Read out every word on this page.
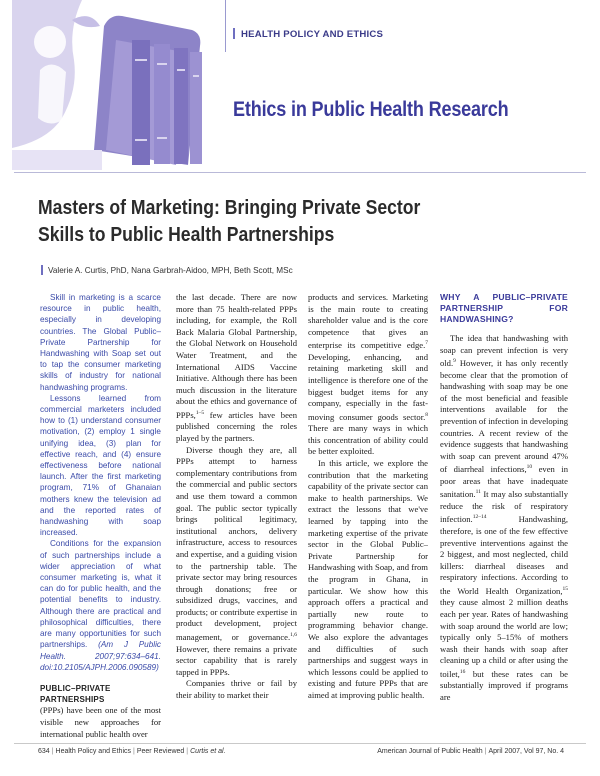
HEALTH POLICY AND ETHICS
Ethics in Public Health Research
Masters of Marketing: Bringing Private Sector Skills to Public Health Partnerships
Valerie A. Curtis, PhD, Nana Garbrah-Aidoo, MPH, Beth Scott, MSc

Skill in marketing is a scarce resource in public health, especially in developing countries. The Global Public–Private Partnership for Handwashing with Soap set out to tap the consumer marketing skills of industry for national handwashing programs.

Lessons learned from commercial marketers included how to (1) understand consumer motivation, (2) employ 1 single unifying idea, (3) plan for effective reach, and (4) ensure effectiveness before national launch. After the first marketing program, 71% of Ghanaian mothers knew the television ad and the reported rates of handwashing with soap increased.

Conditions for the expansion of such partnerships include a wider appreciation of what consumer marketing is, what it can do for public health, and the potential benefits to industry. Although there are practical and philosophical difficulties, there are many opportunities for such partnerships. (Am J Public Health. 2007;97:634–641. doi:10.2105/AJPH.2006.090589)

PUBLIC–PRIVATE PARTNERSHIPS

(PPPs) have been one of the most visible new approaches for international public health over

the last decade. There are now more than 75 health-related PPPs including, for example, the Roll Back Malaria Global Partnership, the Global Network on Household Water Treatment, and the International AIDS Vaccine Initiative. Although there has been much discussion in the literature about the ethics and governance of PPPs,$^{1-5}$ few articles have been published concerning the roles played by the partners.

Diverse though they are, all PPPs attempt to harness complementary contributions from the commercial and public sectors and use them toward a common goal. The public sector typically brings political legitimacy, institutional anchors, delivery infrastructure, access to resources and expertise, and a guiding vision to the partnership table. The private sector may bring resources through donations; free or subsidized drugs, vaccines, and products; or contribute expertise in product development, project management, or governance.$^{1,6}$ However, there remains a private sector capability that is rarely tapped in PPPs.

Companies thrive or fail by their ability to market their

products and services. Marketing is the main route to creating shareholder value and is the core competence that gives an enterprise its competitive edge.$^7$ Developing, enhancing, and retaining marketing skill and intelligence is therefore one of the biggest budget items for any company, especially in the fast-moving consumer goods sector.$^8$ There are many ways in which this concentration of ability could be better exploited.

In this article, we explore the contribution that the marketing capability of the private sector can make to health partnerships. We extract the lessons that we've learned by tapping into the marketing expertise of the private sector in the Global Public–Private Partnership for Handwashing with Soap, and from the program in Ghana, in particular. We show how this approach offers a practical and partially new route to programming behavior change. We also explore the advantages and difficulties of such partnerships and suggest ways in which lessons could be applied to existing and future PPPs that are aimed at improving public health.

WHY A PUBLIC–PRIVATE PARTNERSHIP FOR HANDWASHING?

The idea that handwashing with soap can prevent infection is very old.$^9$ However, it has only recently become clear that the promotion of handwashing with soap may be one of the most beneficial and feasible interventions available for the prevention of infection in developing countries. A recent review of the evidence suggests that handwashing with soap can prevent around 47% of diarrheal infections,$^{10}$ even in poor areas that have inadequate sanitation.$^{11}$ It may also substantially reduce the risk of respiratory infection.$^{12-14}$ Handwashing, therefore, is one of the few effective preventive interventions against the 2 biggest, and most neglected, child killers: diarrheal diseases and respiratory infections. According to the World Health Organization,$^{15}$ they cause almost 2 million deaths each per year. Rates of handwashing with soap around the world are low; typically only 5–15% of mothers wash their hands with soap after cleaning up a child or after using the toilet,$^{16}$ but these rates can be substantially improved if programs are

634 | Health Policy and Ethics | Peer Reviewed | Curtis et al.	American Journal of Public Health | April 2007, Vol 97, No. 4
